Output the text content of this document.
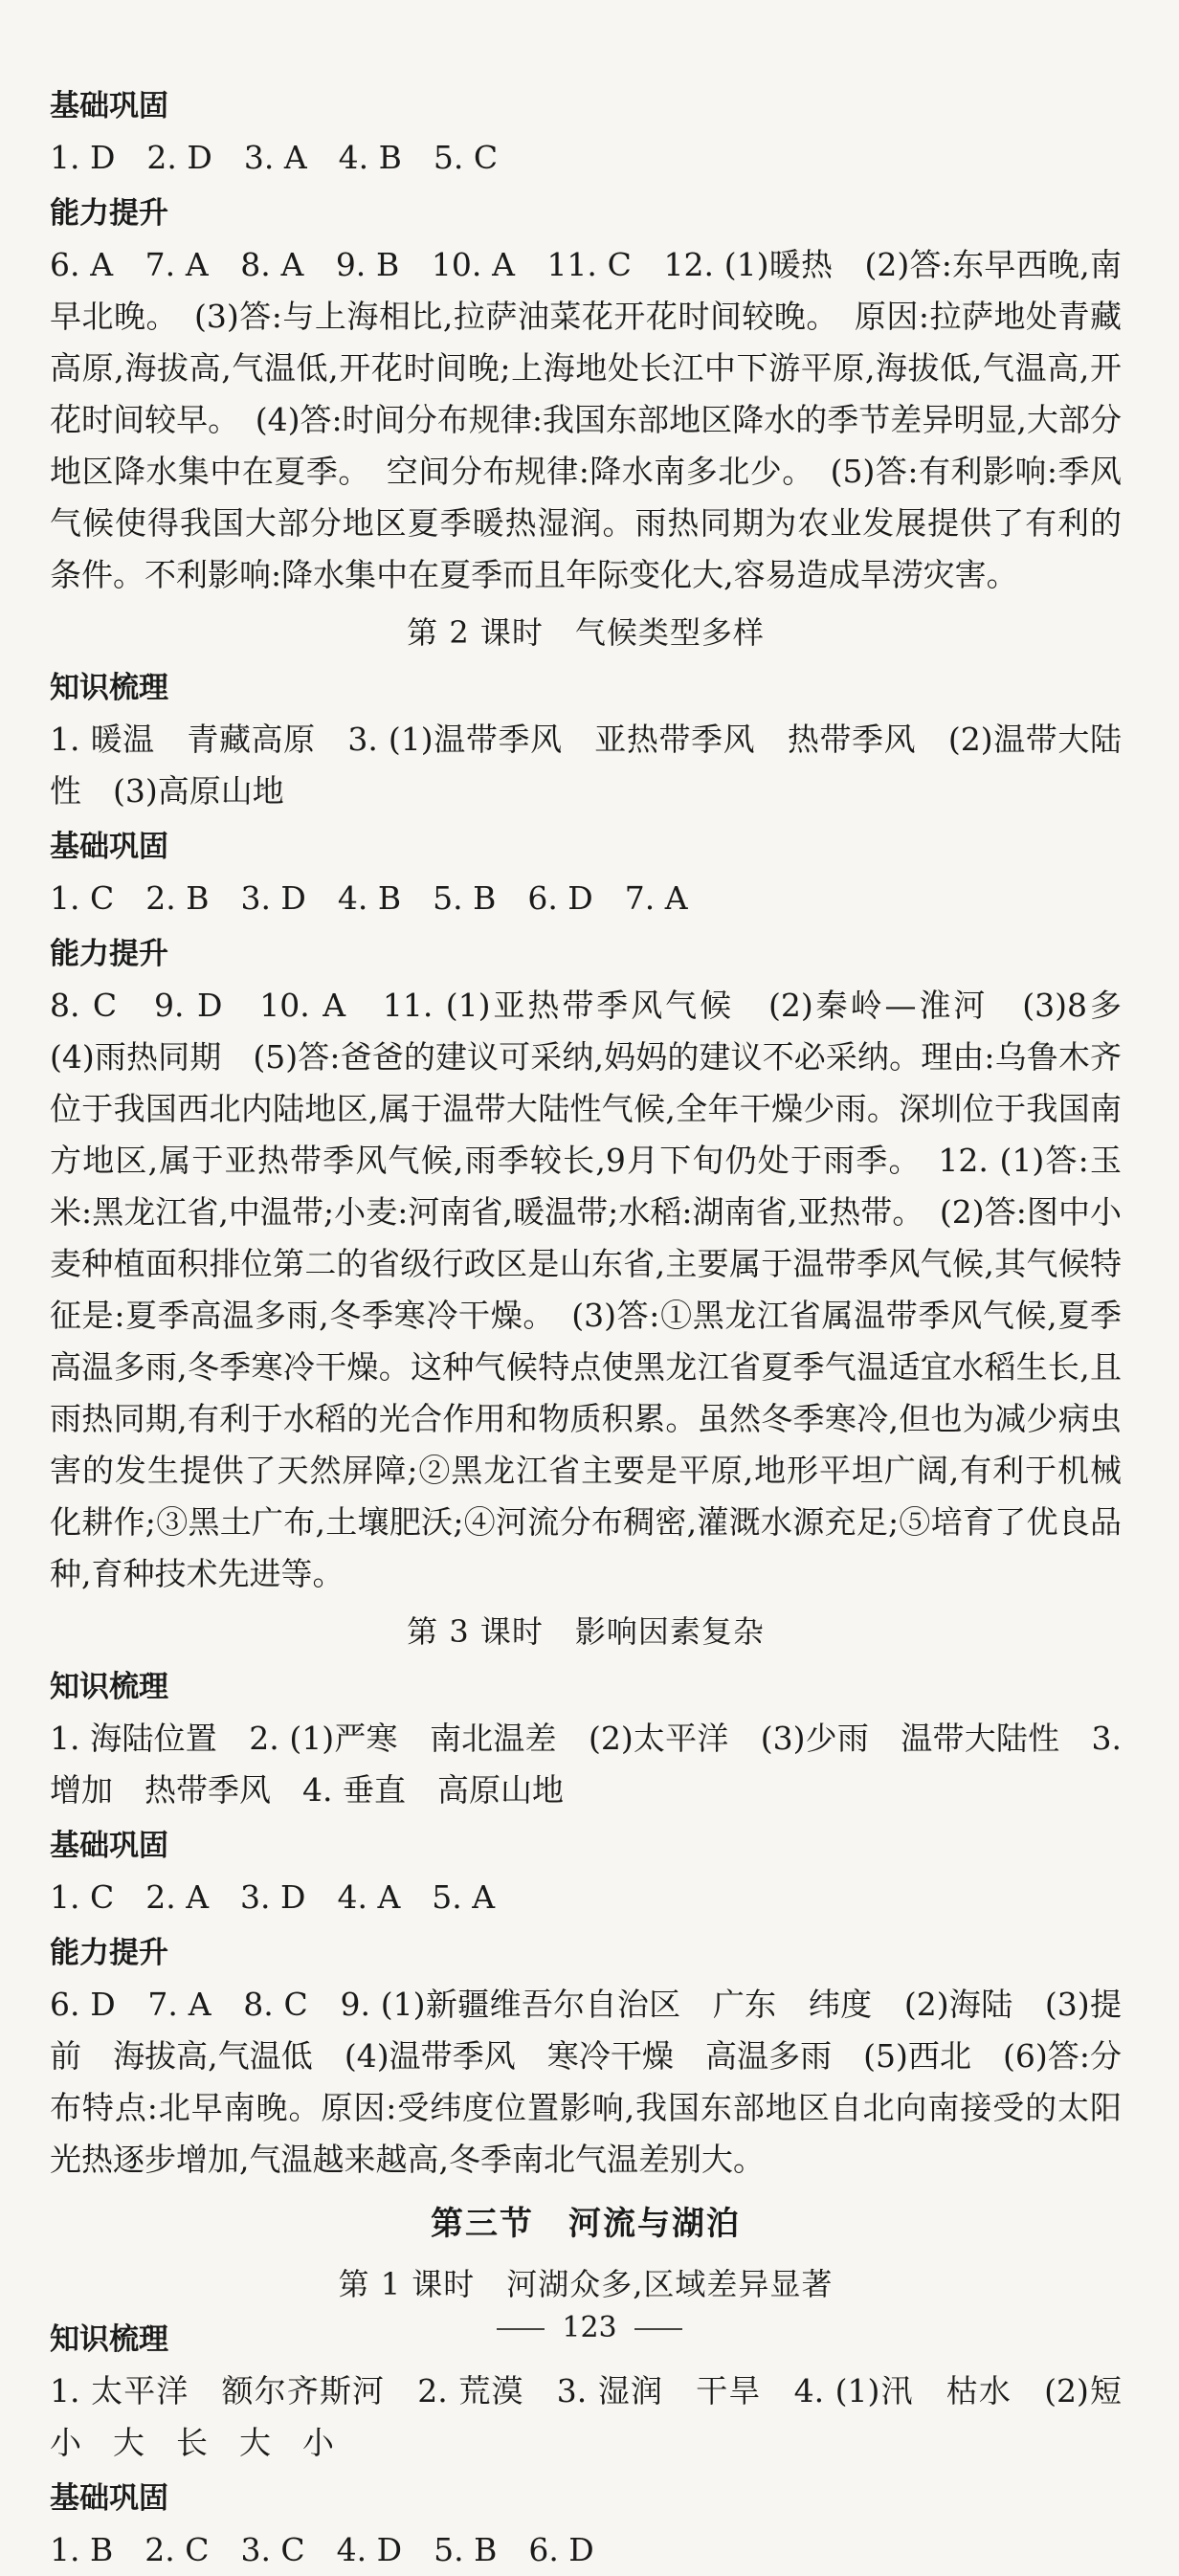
基础巩固
1. D　2. D　3. A　4. B　5. C
能力提升
6. A　7. A　8. A　9. B　10. A　11. C　12. (1)暖热　(2)答:东早西晚,南早北晚。　(3)答:与上海相比,拉萨油菜花开花时间较晚。　原因:拉萨地处青藏高原,海拔高,气温低,开花时间晚;上海地处长江中下游平原,海拔低,气温高,开花时间较早。　(4)答:时间分布规律:我国东部地区降水的季节差异明显,大部分地区降水集中在夏季。　空间分布规律:降水南多北少。　(5)答:有利影响:季风气候使得我国大部分地区夏季暖热湿润。雨热同期为农业发展提供了有利的条件。不利影响:降水集中在夏季而且年际变化大,容易造成旱涝灾害。
第 2 课时　气候类型多样
知识梳理
1. 暖温　青藏高原　3. (1)温带季风　亚热带季风　热带季风　(2)温带大陆性　(3)高原山地
基础巩固
1. C　2. B　3. D　4. B　5. B　6. D　7. A
能力提升
8. C　9. D　10. A　11. (1)亚热带季风气候　(2)秦岭—淮河　(3)8多　(4)雨热同期　(5)答:爸爸的建议可采纳,妈妈的建议不必采纳。理由:乌鲁木齐位于我国西北内陆地区,属于温带大陆性气候,全年干燥少雨。深圳位于我国南方地区,属于亚热带季风气候,雨季较长,9月下旬仍处于雨季。　12. (1)答:玉米:黑龙江省,中温带;小麦:河南省,暖温带;水稻:湖南省,亚热带。　(2)答:图中小麦种植面积排位第二的省级行政区是山东省,主要属于温带季风气候,其气候特征是:夏季高温多雨,冬季寒冷干燥。　(3)答:①黑龙江省属温带季风气候,夏季高温多雨,冬季寒冷干燥。这种气候特点使黑龙江省夏季气温适宜水稻生长,且雨热同期,有利于水稻的光合作用和物质积累。虽然冬季寒冷,但也为减少病虫害的发生提供了天然屏障;②黑龙江省主要是平原,地形平坦广阔,有利于机械化耕作;③黑土广布,土壤肥沃;④河流分布稠密,灌溉水源充足;⑤培育了优良品种,育种技术先进等。
第 3 课时　影响因素复杂
知识梳理
1. 海陆位置　2. (1)严寒　南北温差　(2)太平洋　(3)少雨　温带大陆性　3. 增加　热带季风　4. 垂直　高原山地
基础巩固
1. C　2. A　3. D　4. A　5. A
能力提升
6. D　7. A　8. C　9. (1)新疆维吾尔自治区　广东　纬度　(2)海陆　(3)提前　海拔高,气温低　(4)温带季风　寒冷干燥　高温多雨　(5)西北　(6)答:分布特点:北早南晚。原因:受纬度位置影响,我国东部地区自北向南接受的太阳光热逐步增加,气温越来越高,冬季南北气温差别大。
第三节　河流与湖泊
第 1 课时　河湖众多,区域差异显著
知识梳理
1. 太平洋　额尔齐斯河　2. 荒漠　3. 湿润　干旱　4. (1)汛　枯水　(2)短　小　大　长　大　小
基础巩固
1. B　2. C　3. C　4. D　5. B　6. D
123
